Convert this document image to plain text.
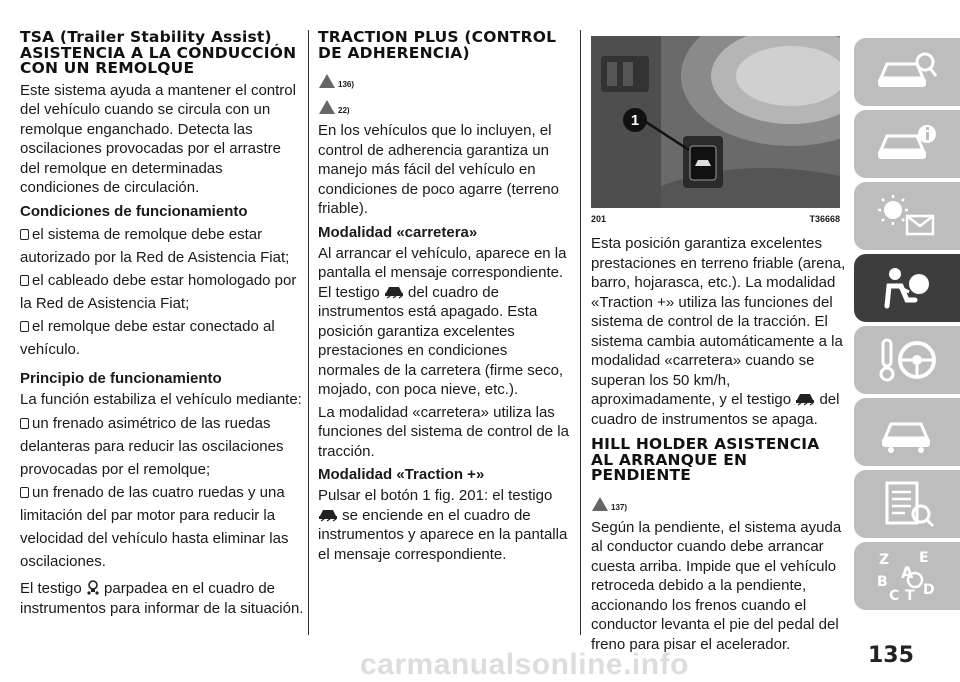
TSA (Trailer Stability Assist) ASISTENCIA A LA CONDUCCIÓN CON UN REMOLQUE

Este sistema ayuda a mantener el control del vehículo cuando se circula con un remolque enganchado. Detecta las oscilaciones provocadas por el arrastre del remolque en determinadas condiciones de circulación.

Condiciones de funcionamiento
el sistema de remolque debe estar autorizado por la Red de Asistencia Fiat;
el cableado debe estar homologado por la Red de Asistencia Fiat;
el remolque debe estar conectado al vehículo.
Principio de funcionamiento

La función estabiliza el vehículo mediante:

un frenado asimétrico de las ruedas delanteras para reducir las oscilaciones provocadas por el remolque;
un frenado de las cuatro ruedas y una limitación del par motor para reducir la velocidad del vehículo hasta eliminar las oscilaciones.

El testigo parpadea en el cuadro de instrumentos para informar de la situación.

TRACTION PLUS (CONTROL DE ADHERENCIA)
136)
22)

En los vehículos que lo incluyen, el control de adherencia garantiza un manejo más fácil del vehículo en condiciones de poco agarre (terreno friable).

Modalidad «carretera»

Al arrancar el vehículo, aparece en la pantalla el mensaje correspondiente. El testigo del cuadro de instrumentos está apagado. Esta posición garantiza excelentes prestaciones en condiciones normales de la carretera (firme seco, mojado, con poca nieve, etc.).

La modalidad «carretera» utiliza las funciones del sistema de control de la tracción.

Modalidad «Traction +»

Pulsar el botón 1 fig. 201: el testigo  se enciende en el cuadro de instrumentos y aparece en la pantalla el mensaje correspondiente.

1
201	T36668

Esta posición garantiza excelentes prestaciones en terreno friable (arena, barro, hojarasca, etc.). La modalidad «Traction +» utiliza las funciones del sistema de control de la tracción. El sistema cambia automáticamente a la modalidad «carretera» cuando se superan los 50 km/h, aproximadamente, y el testigo del cuadro de instrumentos se apaga.

HILL HOLDER ASISTENCIA AL ARRANQUE EN PENDIENTE
137)

Según la pendiente, el sistema ayuda al conductor cuando debe arrancar cuesta arriba. Impide que el vehículo retroceda debido a la pendiente, accionando los frenos cuando el conductor levanta el pie del pedal del freno para pisar el acelerador.

Z E
A
B
C T D
carmanualsonline.info	135
